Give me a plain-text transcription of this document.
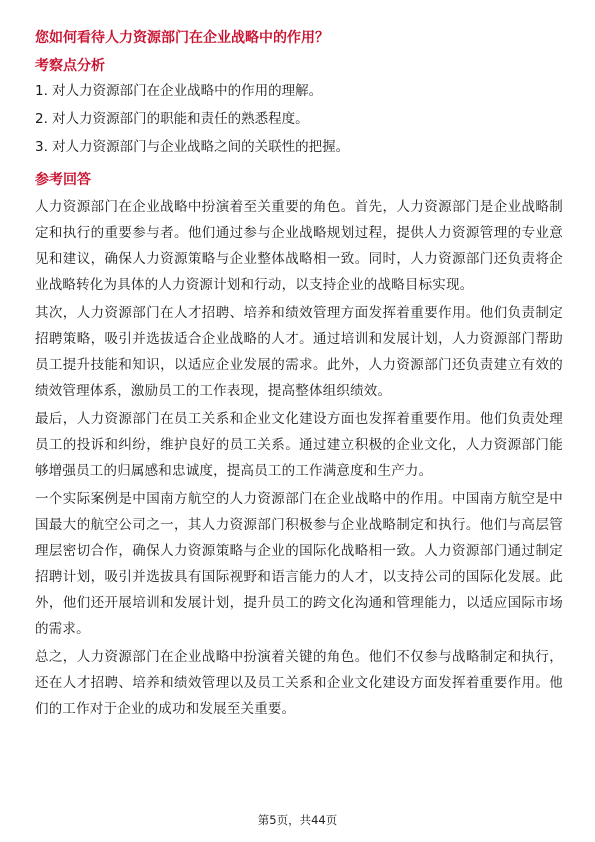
您如何看待人力资源部门在企业战略中的作用？
考察点分析
1. 对人力资源部门在企业战略中的作用的理解。
2. 对人力资源部门的职能和责任的熟悉程度。
3. 对人力资源部门与企业战略之间的关联性的把握。
参考回答

人力资源部门在企业战略中扮演着至关重要的角色。首先，人力资源部门是企业战略制定和执行的重要参与者。他们通过参与企业战略规划过程，提供人力资源管理的专业意见和建议，确保人力资源策略与企业整体战略相一致。同时，人力资源部门还负责将企业战略转化为具体的人力资源计划和行动，以支持企业的战略目标实现。

其次，人力资源部门在人才招聘、培养和绩效管理方面发挥着重要作用。他们负责制定招聘策略，吸引并选拔适合企业战略的人才。通过培训和发展计划，人力资源部门帮助员工提升技能和知识，以适应企业发展的需求。此外，人力资源部门还负责建立有效的绩效管理体系，激励员工的工作表现，提高整体组织绩效。

最后，人力资源部门在员工关系和企业文化建设方面也发挥着重要作用。他们负责处理员工的投诉和纠纷，维护良好的员工关系。通过建立积极的企业文化，人力资源部门能够增强员工的归属感和忠诚度，提高员工的工作满意度和生产力。

一个实际案例是中国南方航空的人力资源部门在企业战略中的作用。中国南方航空是中国最大的航空公司之一，其人力资源部门积极参与企业战略制定和执行。他们与高层管理层密切合作，确保人力资源策略与企业的国际化战略相一致。人力资源部门通过制定招聘计划，吸引并选拔具有国际视野和语言能力的人才，以支持公司的国际化发展。此外，他们还开展培训和发展计划，提升员工的跨文化沟通和管理能力，以适应国际市场的需求。

总之，人力资源部门在企业战略中扮演着关键的角色。他们不仅参与战略制定和执行，还在人才招聘、培养和绩效管理以及员工关系和企业文化建设方面发挥着重要作用。他们的工作对于企业的成功和发展至关重要。

第5页，共44页
